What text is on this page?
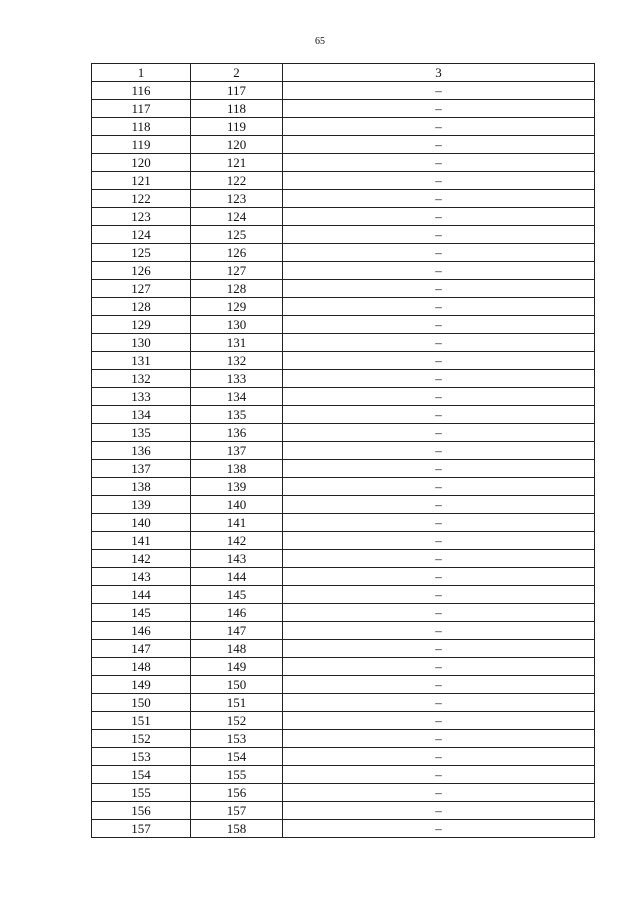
65
1	2	3
116	117	–
117	118	–
118	119	–
119	120	–
120	121	–
121	122	–
122	123	–
123	124	–
124	125	–
125	126	–
126	127	–
127	128	–
128	129	–
129	130	–
130	131	–
131	132	–
132	133	–
133	134	–
134	135	–
135	136	–
136	137	–
137	138	–
138	139	–
139	140	–
140	141	–
141	142	–
142	143	–
143	144	–
144	145	–
145	146	–
146	147	–
147	148	–
148	149	–
149	150	–
150	151	–
151	152	–
152	153	–
153	154	–
154	155	–
155	156	–
156	157	–
157	158	–
